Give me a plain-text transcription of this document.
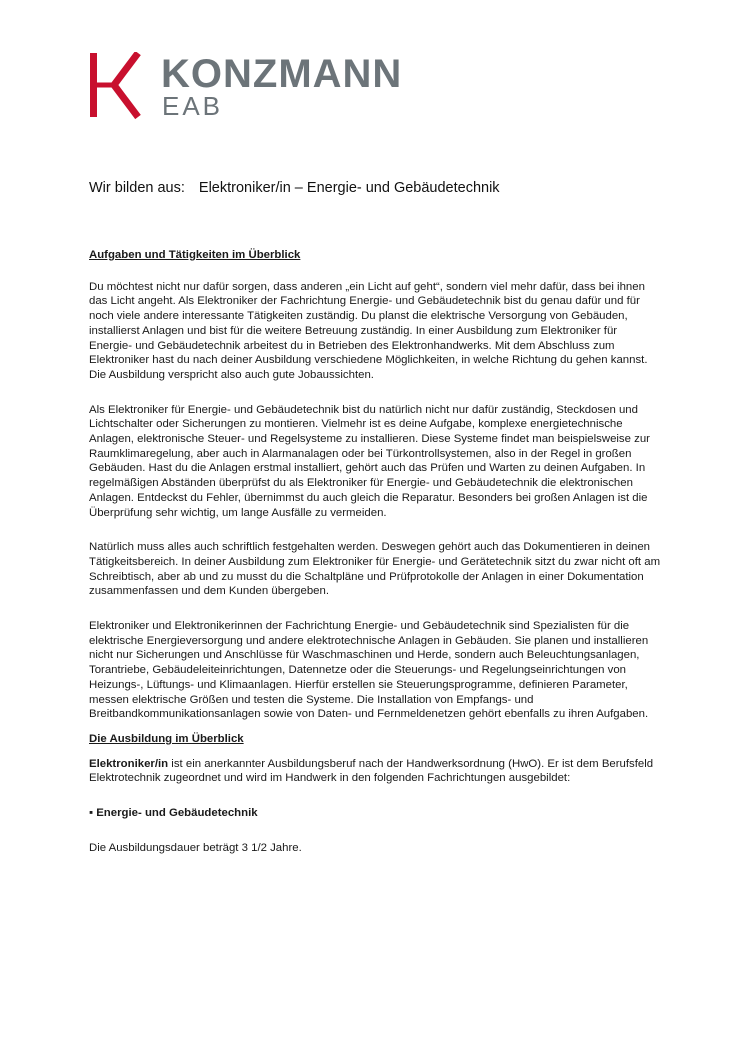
KONZMANN
EAB
Wir bilden aus: Elektroniker/in – Energie- und Gebäudetechnik

Aufgaben und Tätigkeiten im Überblick

Du möchtest nicht nur dafür sorgen, dass anderen „ein Licht auf geht“, sondern viel mehr dafür, dass bei ihnen das Licht angeht. Als Elektroniker der Fachrichtung Energie- und Gebäudetechnik bist du genau dafür und für noch viele andere interessante Tätigkeiten zuständig. Du planst die elektrische Versorgung von Gebäuden, installierst Anlagen und bist für die weitere Betreuung zuständig. In einer Ausbildung zum Elektroniker für Energie- und Gebäudetechnik arbeitest du in Betrieben des Elektronhandwerks. Mit dem Abschluss zum Elektroniker hast du nach deiner Ausbildung verschiedene Möglichkeiten, in welche Richtung du gehen kannst. Die Ausbildung verspricht also auch gute Jobaussichten.

Als Elektroniker für Energie- und Gebäudetechnik bist du natürlich nicht nur dafür zuständig, Steckdosen und Lichtschalter oder Sicherungen zu montieren. Vielmehr ist es deine Aufgabe, komplexe energietechnische Anlagen, elektronische Steuer- und Regelsysteme zu installieren. Diese Systeme findet man beispielsweise zur Raumklimaregelung, aber auch in Alarmanalagen oder bei Türkontrollsystemen, also in der Regel in großen Gebäuden. Hast du die Anlagen erstmal installiert, gehört auch das Prüfen und Warten zu deinen Aufgaben. In regelmäßigen Abständen überprüfst du als Elektroniker für Energie- und Gebäudetechnik die elektronischen Anlagen. Entdeckst du Fehler, übernimmst du auch gleich die Reparatur. Besonders bei großen Anlagen ist die Überprüfung sehr wichtig, um lange Ausfälle zu vermeiden.

Natürlich muss alles auch schriftlich festgehalten werden. Deswegen gehört auch das Dokumentieren in deinen Tätigkeitsbereich. In deiner Ausbildung zum Elektroniker für Energie- und Gerätetechnik sitzt du zwar nicht oft am Schreibtisch, aber ab und zu musst du die Schaltpläne und Prüfprotokolle der Anlagen in einer Dokumentation zusammenfassen und dem Kunden übergeben.

Elektroniker und Elektronikerinnen der Fachrichtung Energie- und Gebäudetechnik sind Spezialisten für die elektrische Energieversorgung und andere elektrotechnische Anlagen in Gebäuden. Sie planen und installieren nicht nur Sicherungen und Anschlüsse für Waschmaschinen und Herde, sondern auch Beleuchtungsanlagen, Torantriebe, Gebäudeleiteinrichtungen, Datennetze oder die Steuerungs- und Regelungseinrichtungen von Heizungs-, Lüftungs- und Klimaanlagen. Hierfür erstellen sie Steuerungsprogramme, definieren Parameter, messen elektrische Größen und testen die Systeme. Die Installation von Empfangs- und Breitbandkommunikationsanlagen sowie von Daten- und Fernmeldenetzen gehört ebenfalls zu ihren Aufgaben.

Die Ausbildung im Überblick

Elektroniker/in ist ein anerkannter Ausbildungsberuf nach der Handwerksordnung (HwO). Er ist dem Berufsfeld Elektrotechnik zugeordnet und wird im Handwerk in den folgenden Fachrichtungen ausgebildet:

▪ Energie- und Gebäudetechnik

Die Ausbildungsdauer beträgt 3 1/2 Jahre.
